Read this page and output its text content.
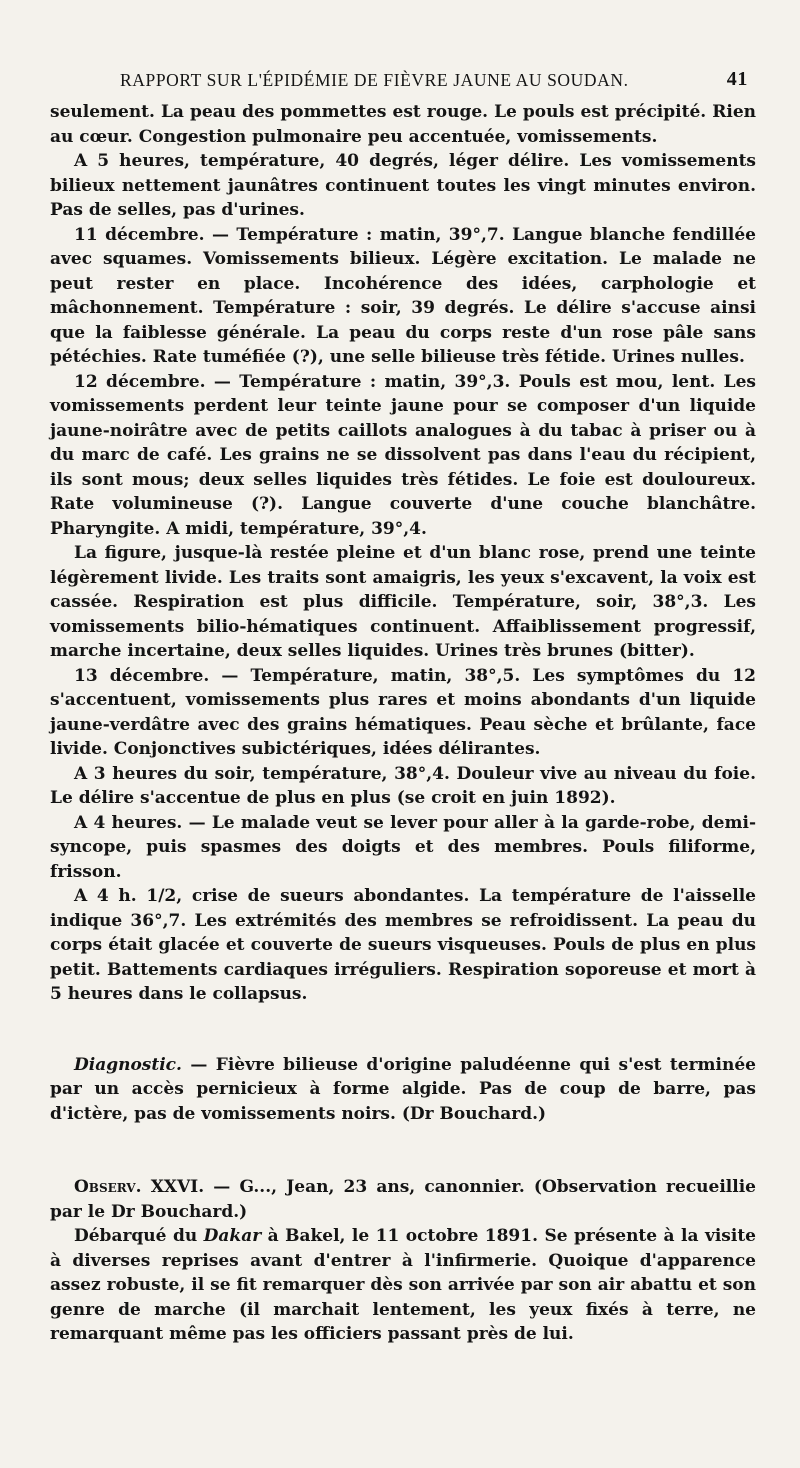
RAPPORT SUR L'ÉPIDÉMIE DE FIÈVRE JAUNE AU SOUDAN.	41

seulement. La peau des pommettes est rouge. Le pouls est précipité. Rien au cœur. Congestion pulmonaire peu accentuée, vomissements.

A 5 heures, température, 40 degrés, léger délire. Les vomissements bilieux nettement jaunâtres continuent toutes les vingt minutes environ. Pas de selles, pas d'urines.

11 décembre. — Température : matin, 39°,7. Langue blanche fendillée avec squames. Vomissements bilieux. Légère excitation. Le malade ne peut rester en place. Incohérence des idées, carphologie et mâchonnement. Température : soir, 39 degrés. Le délire s'accuse ainsi que la faiblesse générale. La peau du corps reste d'un rose pâle sans pétéchies. Rate tuméfiée (?), une selle bilieuse très fétide. Urines nulles.

12 décembre. — Température : matin, 39°,3. Pouls est mou, lent. Les vomissements perdent leur teinte jaune pour se composer d'un liquide jaune-noirâtre avec de petits caillots analogues à du tabac à priser ou à du marc de café. Les grains ne se dissolvent pas dans l'eau du récipient, ils sont mous; deux selles liquides très fétides. Le foie est douloureux. Rate volumineuse (?). Langue couverte d'une couche blanchâtre. Pharyngite. A midi, température, 39°,4.

La figure, jusque-là restée pleine et d'un blanc rose, prend une teinte légèrement livide. Les traits sont amaigris, les yeux s'excavent, la voix est cassée. Respiration est plus difficile. Température, soir, 38°,3. Les vomissements bilio-hématiques continuent. Affaiblissement progressif, marche incertaine, deux selles liquides. Urines très brunes (bitter).

13 décembre. — Température, matin, 38°,5. Les symptômes du 12 s'accentuent, vomissements plus rares et moins abondants d'un liquide jaune-verdâtre avec des grains hématiques. Peau sèche et brûlante, face livide. Conjonctives subictériques, idées délirantes.

A 3 heures du soir, température, 38°,4. Douleur vive au niveau du foie. Le délire s'accentue de plus en plus (se croit en juin 1892).

A 4 heures. — Le malade veut se lever pour aller à la garde-robe, demi-syncope, puis spasmes des doigts et des membres. Pouls filiforme, frisson.

A 4 h. 1/2, crise de sueurs abondantes. La température de l'aisselle indique 36°,7. Les extrémités des membres se refroidissent. La peau du corps était glacée et couverte de sueurs visqueuses. Pouls de plus en plus petit. Battements cardiaques irréguliers. Respiration soporeuse et mort à 5 heures dans le collapsus.

Diagnostic. — Fièvre bilieuse d'origine paludéenne qui s'est terminée par un accès pernicieux à forme algide. Pas de coup de barre, pas d'ictère, pas de vomissements noirs. (Dr Bouchard.)

Observ. XXVI. — G..., Jean, 23 ans, canonnier. (Observation recueillie par le Dr Bouchard.)

Débarqué du Dakar à Bakel, le 11 octobre 1891. Se présente à la visite à diverses reprises avant d'entrer à l'infirmerie. Quoique d'apparence assez robuste, il se fit remarquer dès son arrivée par son air abattu et son genre de marche (il marchait lentement, les yeux fixés à terre, ne remarquant même pas les officiers passant près de lui.
